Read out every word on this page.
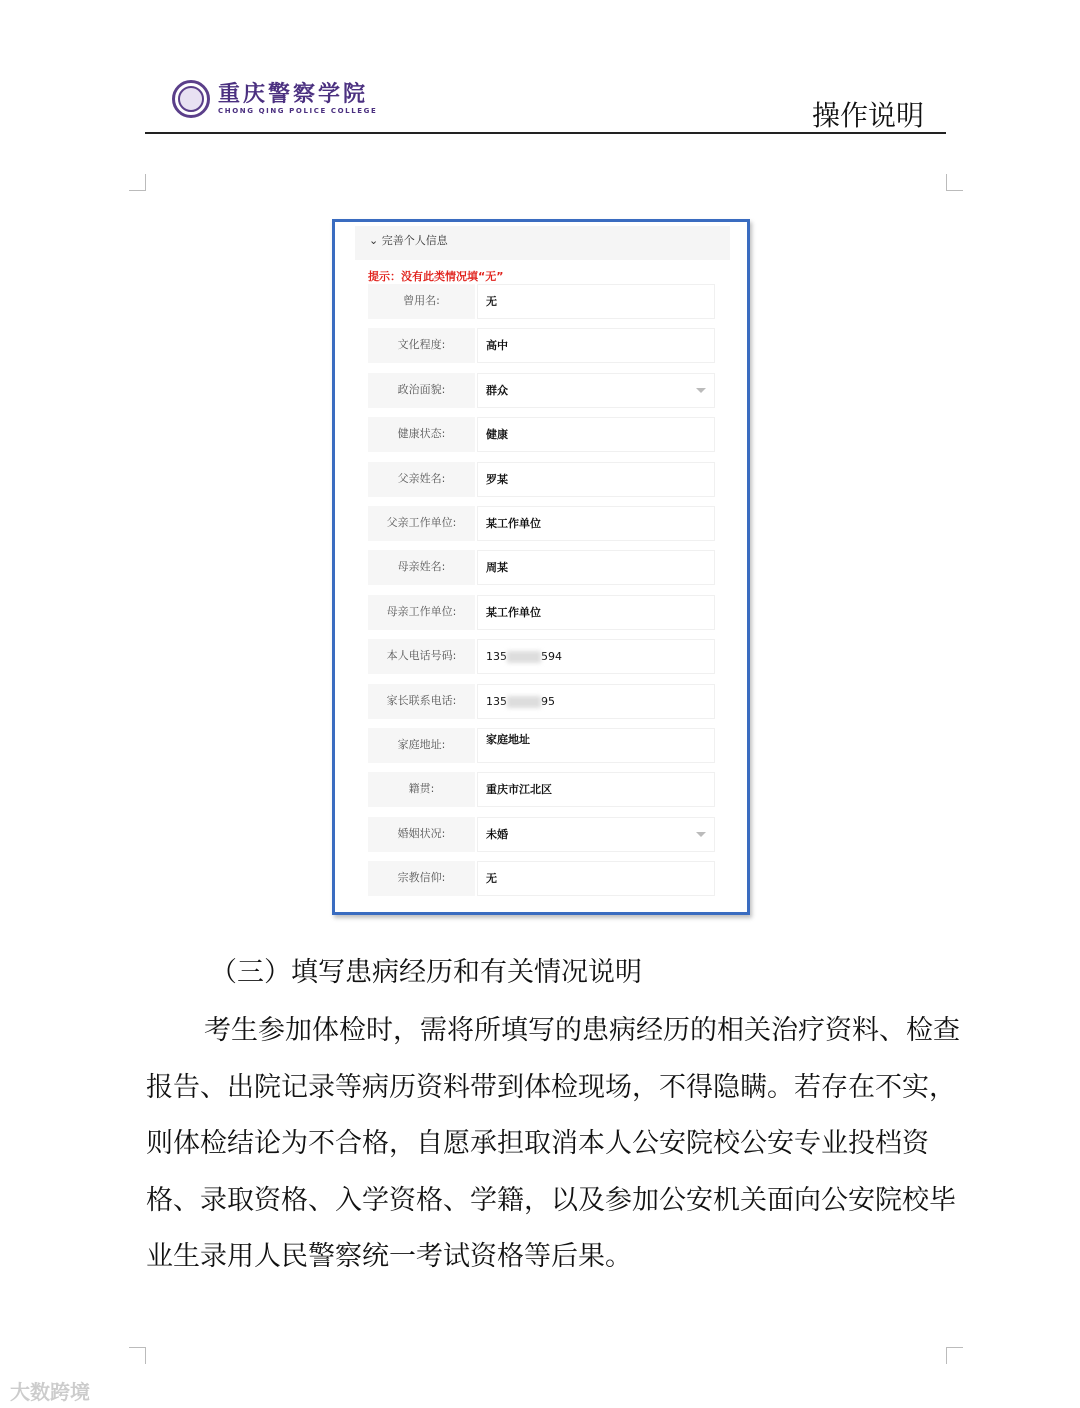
重庆警察学院
CHONG QING POLICE COLLEGE	操作说明
⌄ 完善个人信息
提示：没有此类情况填“无”
曾用名:	无
文化程度:	高中
政治面貌:	群众
健康状态:	健康
父亲姓名:	罗某
父亲工作单位:	某工作单位
母亲姓名:	周某
母亲工作单位:	某工作单位
本人电话号码:	135	594
家长联系电话:	135	95
家庭地址:	家庭地址
籍贯:	重庆市江北区
婚姻状况:	未婚
宗教信仰:	无
（三）填写患病经历和有关情况说明
考生参加体检时，需将所填写的患病经历的相关治疗资料、检查报告、出院记录等病历资料带到体检现场，不得隐瞒。若存在不实，则体检结论为不合格，自愿承担取消本人公安院校公安专业投档资格、录取资格、入学资格、学籍，以及参加公安机关面向公安院校毕业生录用人民警察统一考试资格等后果。
大数跨境
